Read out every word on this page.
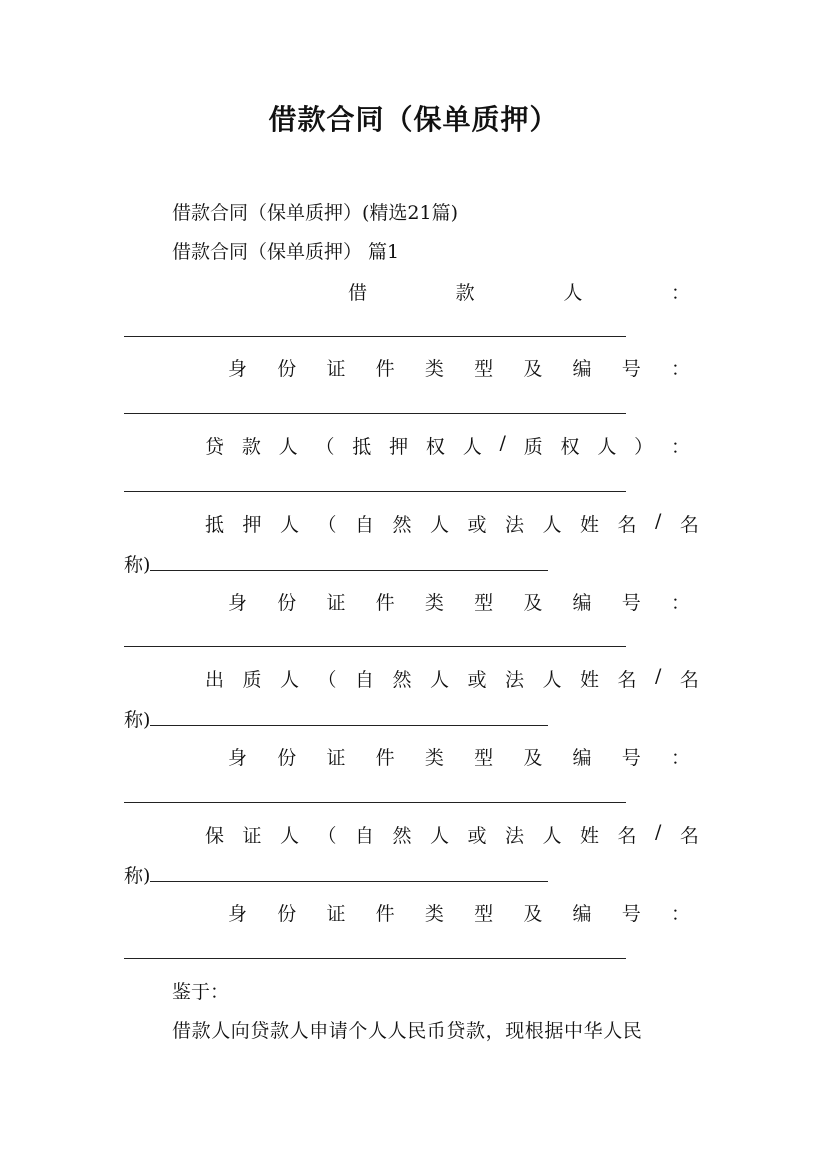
借款合同（保单质押）
借款合同（保单质押）(精选21篇)
借款合同（保单质押） 篇1
借	款	人	：
身 份 证 件 类 型 及 编 号 ：
贷 款 人 （ 抵 押 权 人 / 质 权 人 ） ：
抵 押 人 （ 自 然 人 或 法 人 姓 名 / 名
称)
身 份 证 件 类 型 及 编 号 ：
出 质 人 （ 自 然 人 或 法 人 姓 名 / 名
称)
身 份 证 件 类 型 及 编 号 ：
保 证 人 （ 自 然 人 或 法 人 姓 名 / 名
称)
身 份 证 件 类 型 及 编 号 ：
鉴于：
借款人向贷款人申请个人人民币贷款，现根据中华人民
